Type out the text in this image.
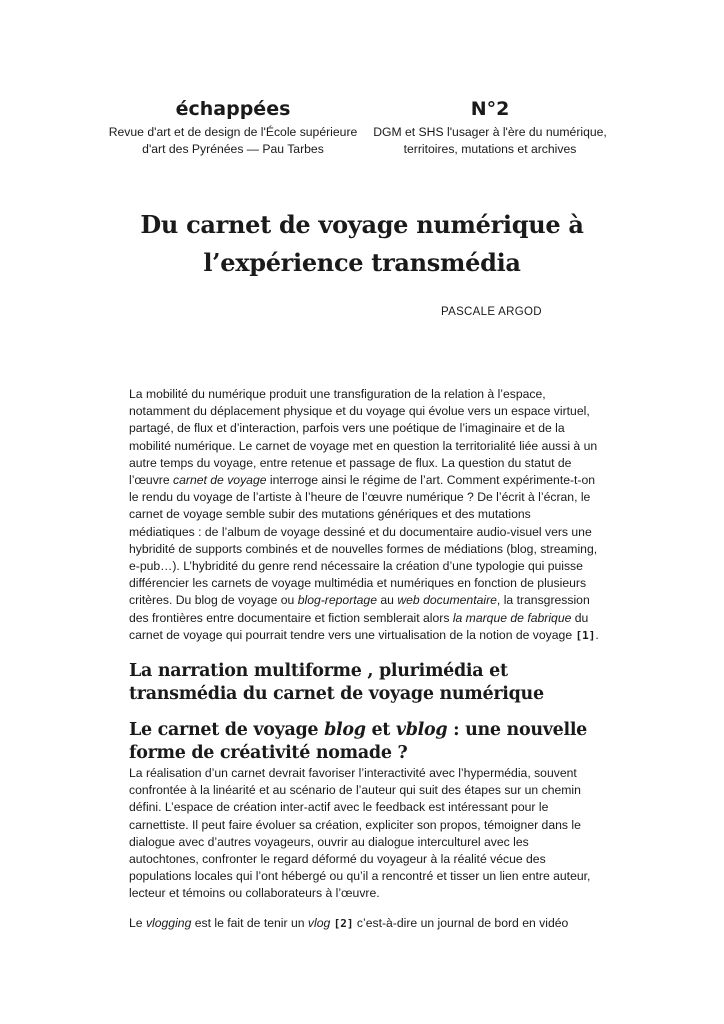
échappées
Revue d'art et de design de l'École supérieure d'art des Pyrénées — Pau Tarbes
N°2
DGM et SHS l'usager à l'ère du numérique, territoires, mutations et archives
Du carnet de voyage numérique à l’expérience transmédia
PASCALE ARGOD

La mobilité du numérique produit une transfiguration de la relation à l’espace, notamment du déplacement physique et du voyage qui évolue vers un espace virtuel, partagé, de flux et d’interaction, parfois vers une poétique de l’imaginaire et de la mobilité numérique. Le carnet de voyage met en question la territorialité liée aussi à un autre temps du voyage, entre retenue et passage de flux. La question du statut de l’œuvre carnet de voyage interroge ainsi le régime de l’art. Comment expérimente-t-on le rendu du voyage de l’artiste à l’heure de l’œuvre numérique ? De l’écrit à l’écran, le carnet de voyage semble subir des mutations génériques et des mutations médiatiques : de l’album de voyage dessiné et du documentaire audio-visuel vers une hybridité de supports combinés et de nouvelles formes de médiations (blog, streaming, e-pub…). L’hybridité du genre rend nécessaire la création d’une typologie qui puisse différencier les carnets de voyage multimédia et numériques en fonction de plusieurs critères. Du blog de voyage ou blog-reportage au web documentaire, la transgression des frontières entre documentaire et fiction semblerait alors la marque de fabrique du carnet de voyage qui pourrait tendre vers une virtualisation de la notion de voyage [1].

La narration multiforme , plurimédia et transmédia du carnet de voyage numérique
Le carnet de voyage blog et vblog : une nouvelle forme de créativité nomade ?

La réalisation d’un carnet devrait favoriser l’interactivité avec l’hypermédia, souvent confrontée à la linéarité et au scénario de l’auteur qui suit des étapes sur un chemin défini. L’espace de création inter-actif avec le feedback est intéressant pour le carnettiste. Il peut faire évoluer sa création, expliciter son propos, témoigner dans le dialogue avec d’autres voyageurs, ouvrir au dialogue interculturel avec les autochtones, confronter le regard déformé du voyageur à la réalité vécue des populations locales qui l’ont hébergé ou qu’il a rencontré et tisser un lien entre auteur, lecteur et témoins ou collaborateurs à l’œuvre.

Le vlogging est le fait de tenir un vlog [2] c’est-à-dire un journal de bord en vidéo
